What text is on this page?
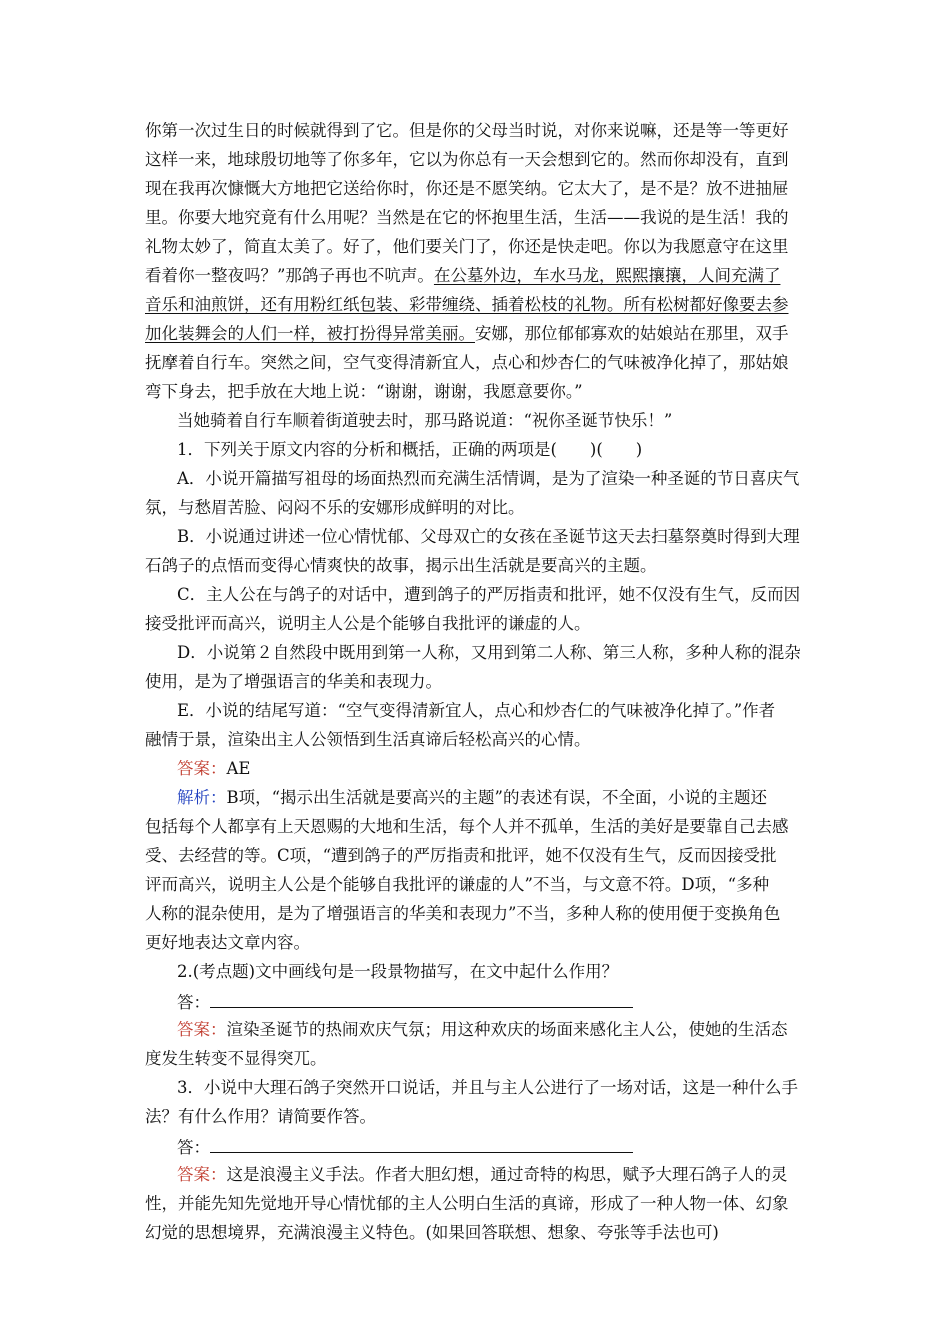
你第一次过生日的时候就得到了它。但是你的父母当时说，对你来说嘛，还是等一等更好
这样一来，地球殷切地等了你多年，它以为你总有一天会想到它的。然而你却没有，直到
现在我再次慷慨大方地把它送给你时，你还是不愿笑纳。它太大了，是不是？放不进抽屉
里。你要大地究竟有什么用呢？当然是在它的怀抱里生活，生活——我说的是生活！我的
礼物太妙了，简直太美了。好了，他们要关门了，你还是快走吧。你以为我愿意守在这里
看着你一整夜吗？”那鸽子再也不吭声。在公墓外边，车水马龙，熙熙攘攘，人间充满了
音乐和油煎饼，还有用粉红纸包装、彩带缠绕、插着松枝的礼物。所有松树都好像要去参
加化装舞会的人们一样，被打扮得异常美丽。安娜，那位郁郁寡欢的姑娘站在那里，双手
抚摩着自行车。突然之间，空气变得清新宜人，点心和炒杏仁的气味被净化掉了，那姑娘
弯下身去，把手放在大地上说：“谢谢，谢谢，我愿意要你。”
当她骑着自行车顺着街道驶去时，那马路说道：“祝你圣诞节快乐！”
1．下列关于原文内容的分析和概括，正确的两项是(　　)(　　)
A．小说开篇描写祖母的场面热烈而充满生活情调，是为了渲染一种圣诞的节日喜庆气
氛，与愁眉苦脸、闷闷不乐的安娜形成鲜明的对比。
B．小说通过讲述一位心情忧郁、父母双亡的女孩在圣诞节这天去扫墓祭奠时得到大理
石鸽子的点悟而变得心情爽快的故事，揭示出生活就是要高兴的主题。
C．主人公在与鸽子的对话中，遭到鸽子的严厉指责和批评，她不仅没有生气，反而因
接受批评而高兴，说明主人公是个能够自我批评的谦虚的人。
D．小说第２自然段中既用到第一人称，又用到第二人称、第三人称，多种人称的混杂
使用，是为了增强语言的华美和表现力。
E．小说的结尾写道：“空气变得清新宜人，点心和炒杏仁的气味被净化掉了。”作者
融情于景，渲染出主人公领悟到生活真谛后轻松高兴的心情。
答案：AE
解析：B项，“揭示出生活就是要高兴的主题”的表述有误，不全面，小说的主题还
包括每个人都享有上天恩赐的大地和生活，每个人并不孤单，生活的美好是要靠自己去感
受、去经营的等。C项，“遭到鸽子的严厉指责和批评，她不仅没有生气，反而因接受批
评而高兴，说明主人公是个能够自我批评的谦虚的人”不当，与文意不符。D项，“多种
人称的混杂使用，是为了增强语言的华美和表现力”不当，多种人称的使用便于变换角色
更好地表达文章内容。
2.(考点题)文中画线句是一段景物描写，在文中起什么作用？
答：
答案：渲染圣诞节的热闹欢庆气氛；用这种欢庆的场面来感化主人公，使她的生活态
度发生转变不显得突兀。
3．小说中大理石鸽子突然开口说话，并且与主人公进行了一场对话，这是一种什么手
法？有什么作用？请简要作答。
答：
答案：这是浪漫主义手法。作者大胆幻想，通过奇特的构思，赋予大理石鸽子人的灵
性，并能先知先觉地开导心情忧郁的主人公明白生活的真谛，形成了一种人物一体、幻象
幻觉的思想境界，充满浪漫主义特色。(如果回答联想、想象、夸张等手法也可)
